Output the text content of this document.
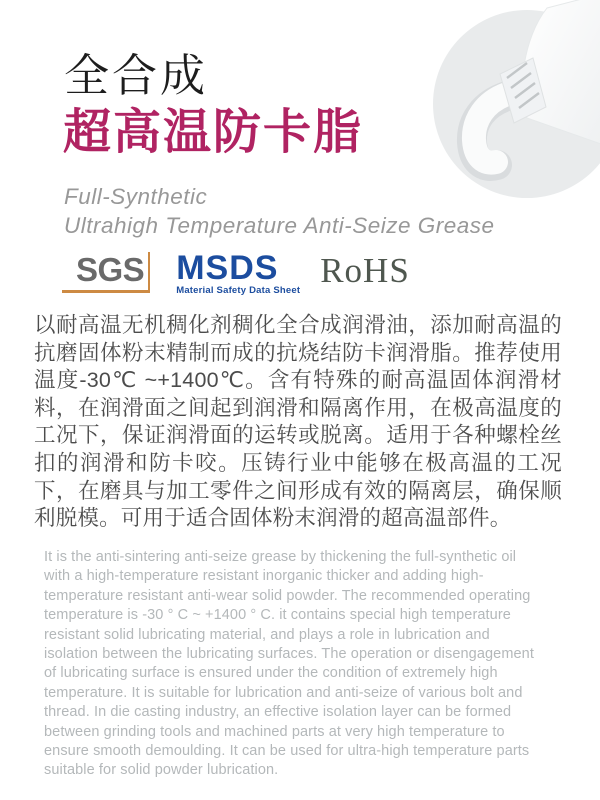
全合成
超高温防卡脂

Full-Synthetic

Ultrahigh Temperature Anti-Seize Grease

SGS MSDS
Material Safety Data Sheet
RoHS

以耐高温无机稠化剂稠化全合成润滑油，添加耐高温的抗磨固体粉末精制而成的抗烧结防卡润滑脂。推荐使用温度-30℃ ~+1400℃。含有特殊的耐高温固体润滑材料，在润滑面之间起到润滑和隔离作用，在极高温度的工况下，保证润滑面的运转或脱离。适用于各种螺栓丝扣的润滑和防卡咬。压铸行业中能够在极高温的工况下，在磨具与加工零件之间形成有效的隔离层，确保顺利脱模。可用于适合固体粉末润滑的超高温部件。

It is the anti-sintering anti-seize grease by thickening the full-synthetic oil with a high-temperature resistant inorganic thicker and adding high-temperature resistant anti-wear solid powder. The recommended operating temperature is -30 ° C ~ +1400 ° C. it contains special high temperature resistant solid lubricating material, and plays a role in lubrication and isolation between the lubricating surfaces. The operation or disengagement of lubricating surface is ensured under the condition of extremely high temperature. It is suitable for lubrication and anti-seize of various bolt and thread. In die casting industry, an effective isolation layer can be formed between grinding tools and machined parts at very high temperature to ensure smooth demoulding. It can be used for ultra-high temperature parts suitable for solid powder lubrication.
